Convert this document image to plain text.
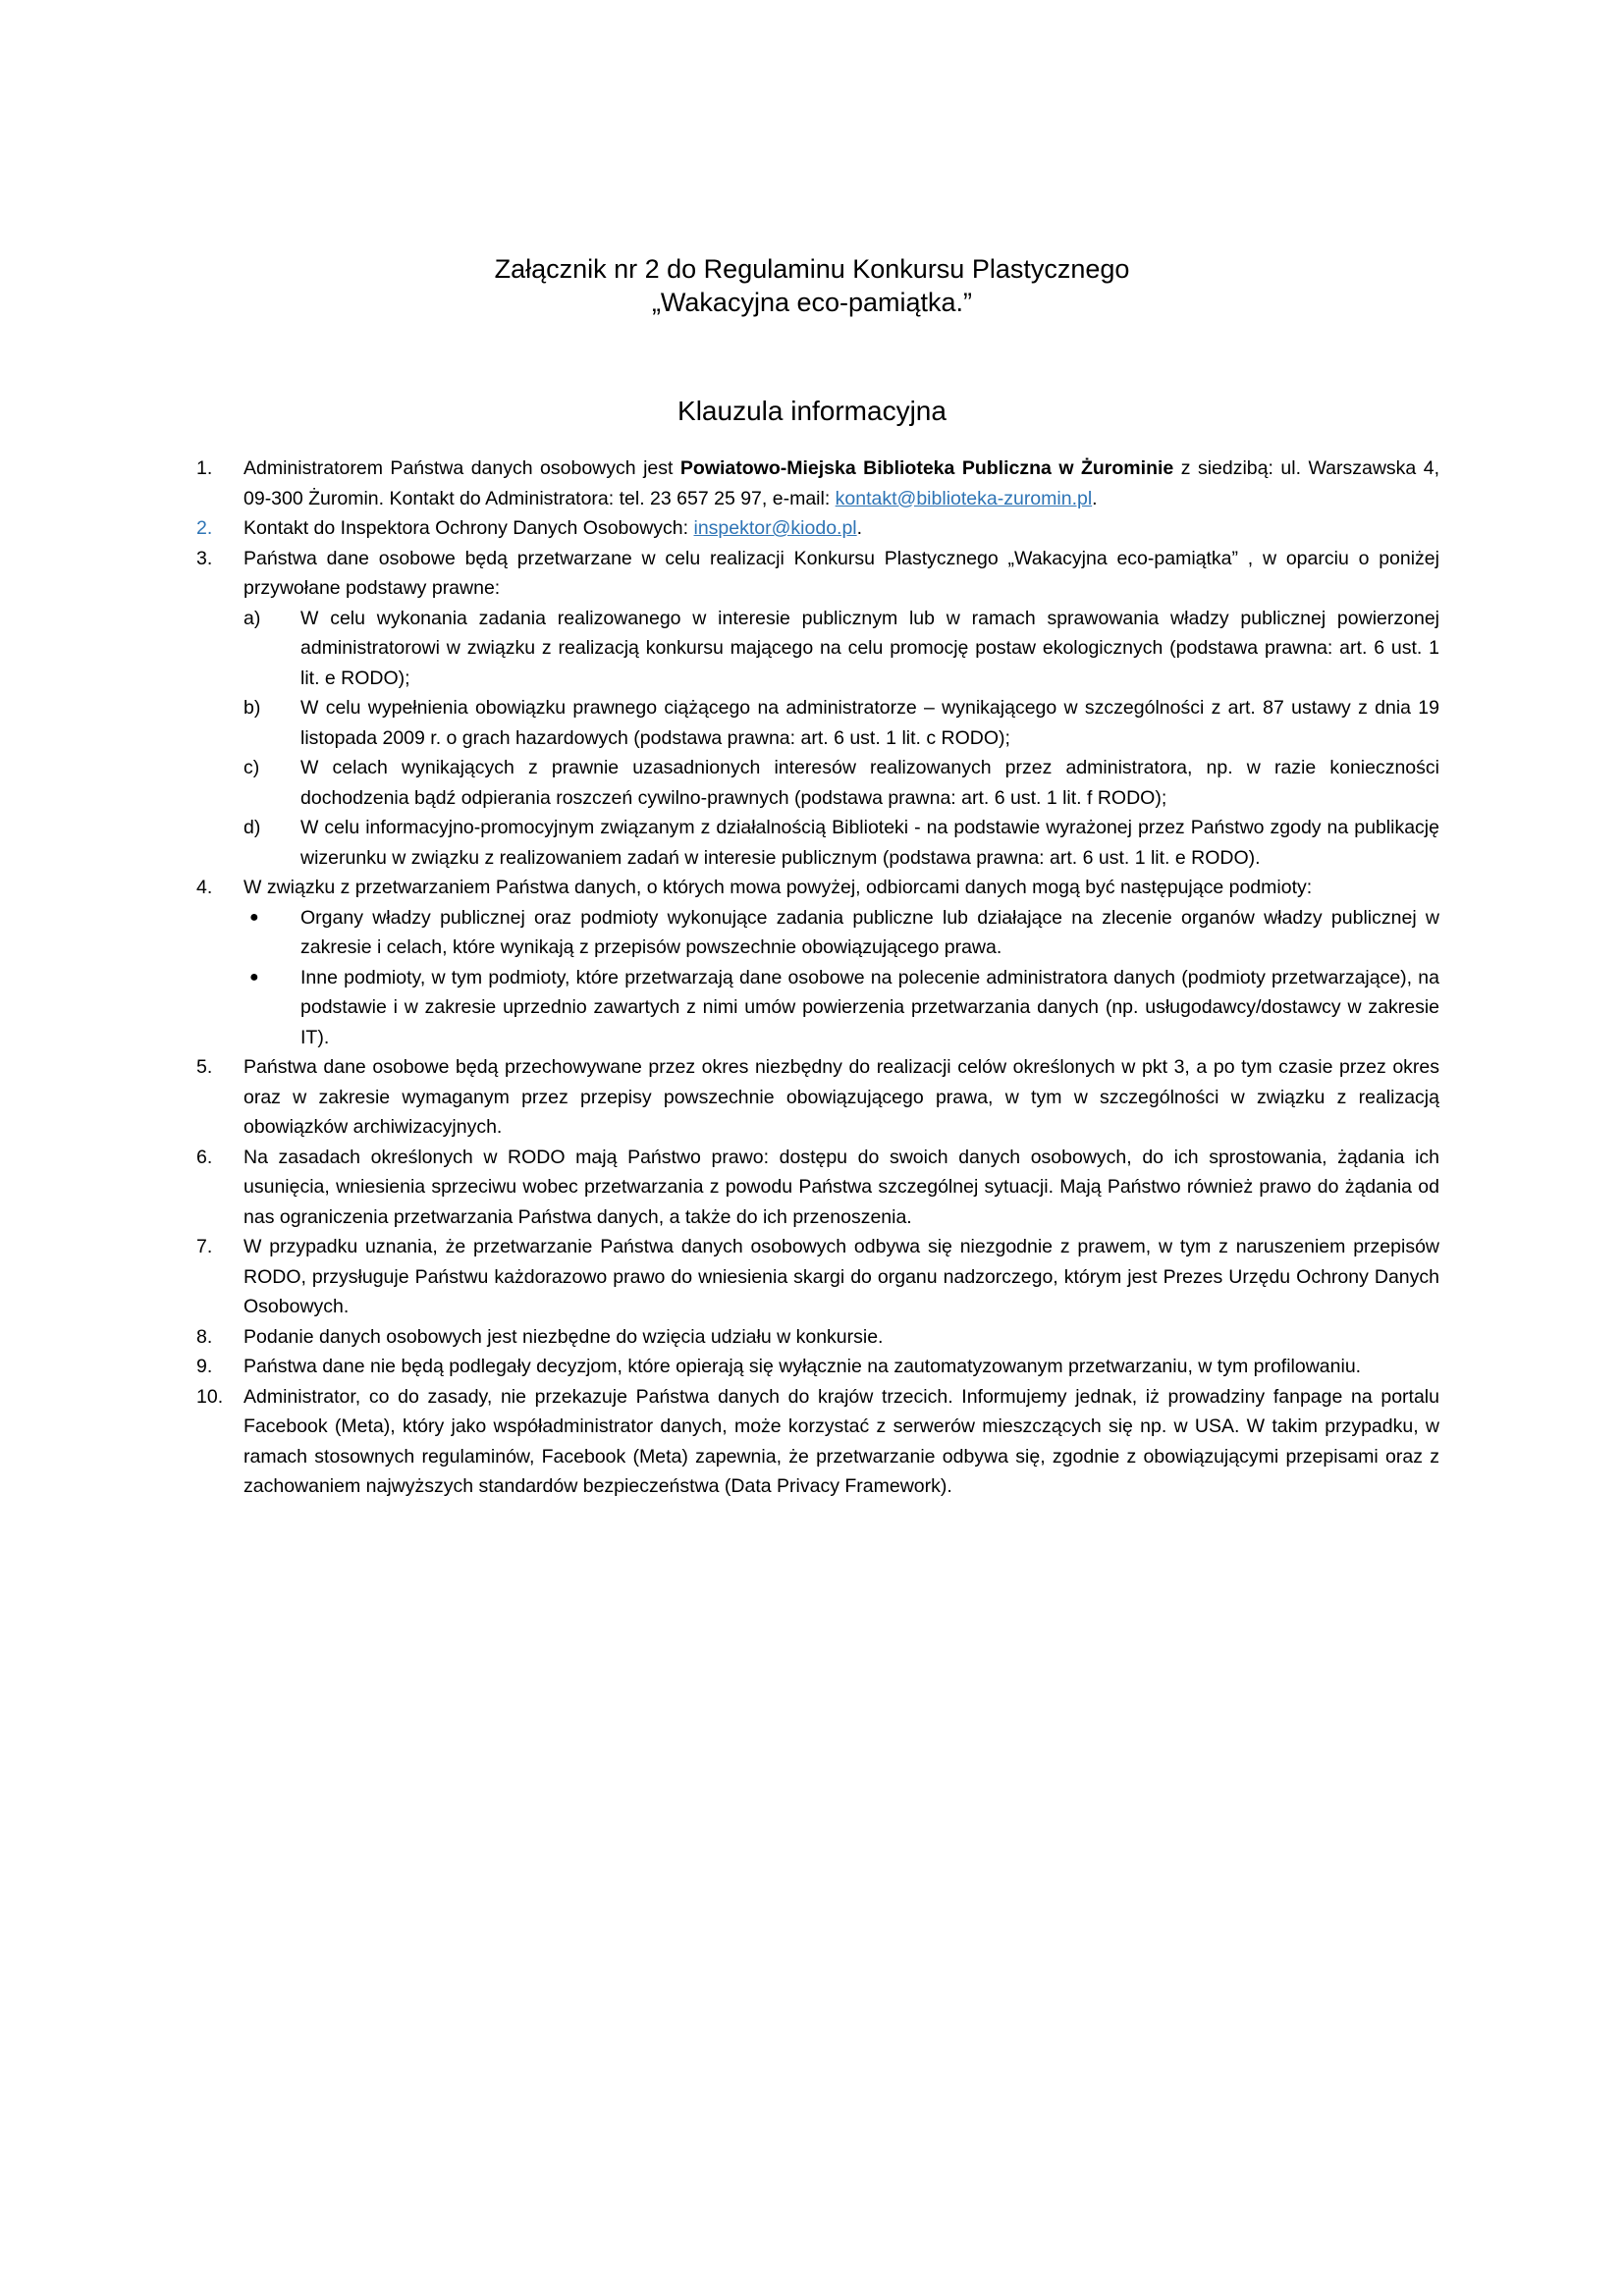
Załącznik nr 2 do Regulaminu Konkursu Plastycznego
„Wakacyjna eco-pamiątka.”
Klauzula informacyjna
1.	Administratorem Państwa danych osobowych jest Powiatowo-Miejska Biblioteka Publiczna w Żurominie z siedzibą: ul. Warszawska 4, 09-300 Żuromin. Kontakt do Administratora: tel. 23 657 25 97, e-mail: kontakt@biblioteka-zuromin.pl.
2.	Kontakt do Inspektora Ochrony Danych Osobowych: inspektor@kiodo.pl.
3.	Państwa dane osobowe będą przetwarzane w celu realizacji Konkursu Plastycznego „Wakacyjna eco-pamiątka” , w oparciu o poniżej przywołane podstawy prawne:
a)	W celu wykonania zadania realizowanego w interesie publicznym lub w ramach sprawowania władzy publicznej powierzonej administratorowi w związku z realizacją konkursu mającego na celu promocję postaw ekologicznych (podstawa prawna: art. 6 ust. 1 lit. e RODO);
b)	W celu wypełnienia obowiązku prawnego ciążącego na administratorze – wynikającego w szczególności z art. 87 ustawy z dnia 19 listopada 2009 r. o grach hazardowych (podstawa prawna: art. 6 ust. 1 lit. c RODO);
c)	W celach wynikających z prawnie uzasadnionych interesów realizowanych przez administratora, np. w razie konieczności dochodzenia bądź odpierania roszczeń cywilno-prawnych (podstawa prawna: art. 6 ust. 1 lit. f RODO);
d)	W celu informacyjno-promocyjnym związanym z działalnością Biblioteki - na podstawie wyrażonej przez Państwo zgody na publikację wizerunku w związku z realizowaniem zadań w interesie publicznym (podstawa prawna: art. 6 ust. 1 lit. e RODO).
4.	W związku z przetwarzaniem Państwa danych, o których mowa powyżej, odbiorcami danych mogą być następujące podmioty:
●	Organy władzy publicznej oraz podmioty wykonujące zadania publiczne lub działające na zlecenie organów władzy publicznej w zakresie i celach, które wynikają z przepisów powszechnie obowiązującego prawa.
●	Inne podmioty, w tym podmioty, które przetwarzają dane osobowe na polecenie administratora danych (podmioty przetwarzające), na podstawie i w zakresie uprzednio zawartych z nimi umów powierzenia przetwarzania danych (np. usługodawcy/dostawcy w zakresie IT).
5.	Państwa dane osobowe będą przechowywane przez okres niezbędny do realizacji celów określonych w pkt 3, a po tym czasie przez okres oraz w zakresie wymaganym przez przepisy powszechnie obowiązującego prawa, w tym w szczególności w związku z realizacją obowiązków archiwizacyjnych.
6.	Na zasadach określonych w RODO mają Państwo prawo: dostępu do swoich danych osobowych, do ich sprostowania, żądania ich usunięcia, wniesienia sprzeciwu wobec przetwarzania z powodu Państwa szczególnej sytuacji. Mają Państwo również prawo do żądania od nas ograniczenia przetwarzania Państwa danych, a także do ich przenoszenia.
7.	W przypadku uznania, że przetwarzanie Państwa danych osobowych odbywa się niezgodnie z prawem, w tym z naruszeniem przepisów RODO, przysługuje Państwu każdorazowo prawo do wniesienia skargi do organu nadzorczego, którym jest Prezes Urzędu Ochrony Danych Osobowych.
8.	Podanie danych osobowych jest niezbędne do wzięcia udziału w konkursie.
9.	Państwa dane nie będą podlegały decyzjom, które opierają się wyłącznie na zautomatyzowanym przetwarzaniu, w tym profilowaniu.
10.	Administrator, co do zasady, nie przekazuje Państwa danych do krajów trzecich. Informujemy jednak, iż prowadziny fanpage na portalu Facebook (Meta), który jako współadministrator danych, może korzystać z serwerów mieszczących się np. w USA. W takim przypadku, w ramach stosownych regulaminów, Facebook (Meta) zapewnia, że przetwarzanie odbywa się, zgodnie z obowiązującymi przepisami oraz z zachowaniem najwyższych standardów bezpieczeństwa (Data Privacy Framework).
